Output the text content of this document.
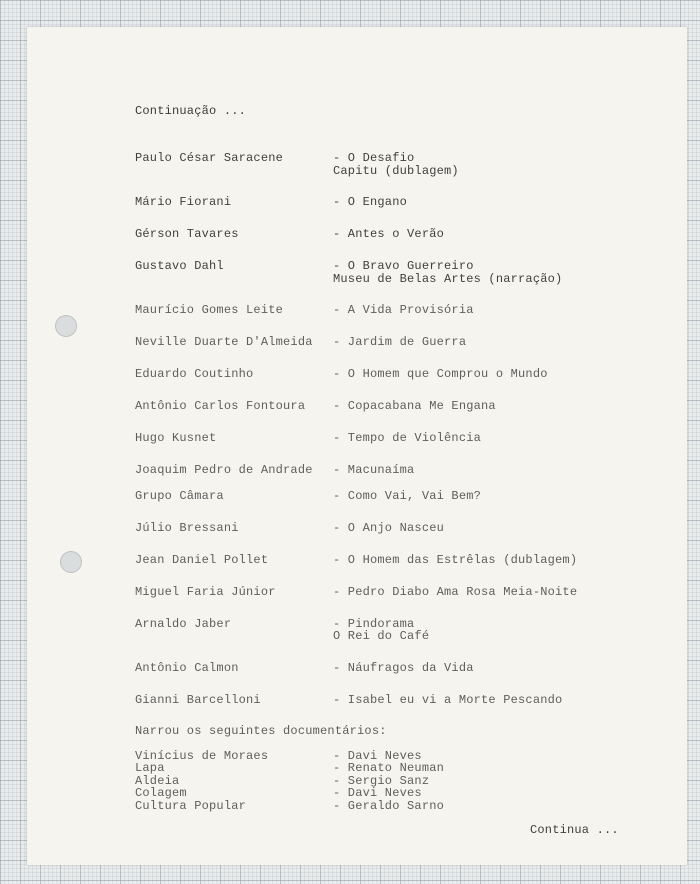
Continuação ...
Paulo César Saracene	- O Desafio
Capitu (dublagem)
Mário Fiorani	- O Engano
Gérson Tavares	- Antes o Verão
Gustavo Dahl	- O Bravo Guerreiro
Museu de Belas Artes (narração)
Maurício Gomes Leite	- A Vida Provisória
Neville Duarte D'Almeida - Jardim de Guerra
Eduardo Coutinho	- O Homem que Comprou o Mundo
Antônio Carlos Fontoura - Copacabana Me Engana
Hugo Kusnet	- Tempo de Violência
Joaquim Pedro de Andrade - Macunaíma
Grupo Câmara	- Como Vai, Vai Bem?
Júlio Bressani	- O Anjo Nasceu
Jean Daniel Pollet	- O Homem das Estrêlas (dublagem)
Miguel Faria Júnior	- Pedro Diabo Ama Rosa Meia-Noite
Arnaldo Jaber	- Pindorama
O Rei do Café
Antônio Calmon	- Náufragos da Vida
Gianni Barcelloni	- Isabel eu vi a Morte Pescando
Narrou os seguintes documentários:
Vinícius de Moraes	- Davi Neves
Lapa	- Renato Neuman
Aldeia	- Sergio Sanz
Colagem	- Davi Neves
Cultura Popular	- Geraldo Sarno
Continua ...
